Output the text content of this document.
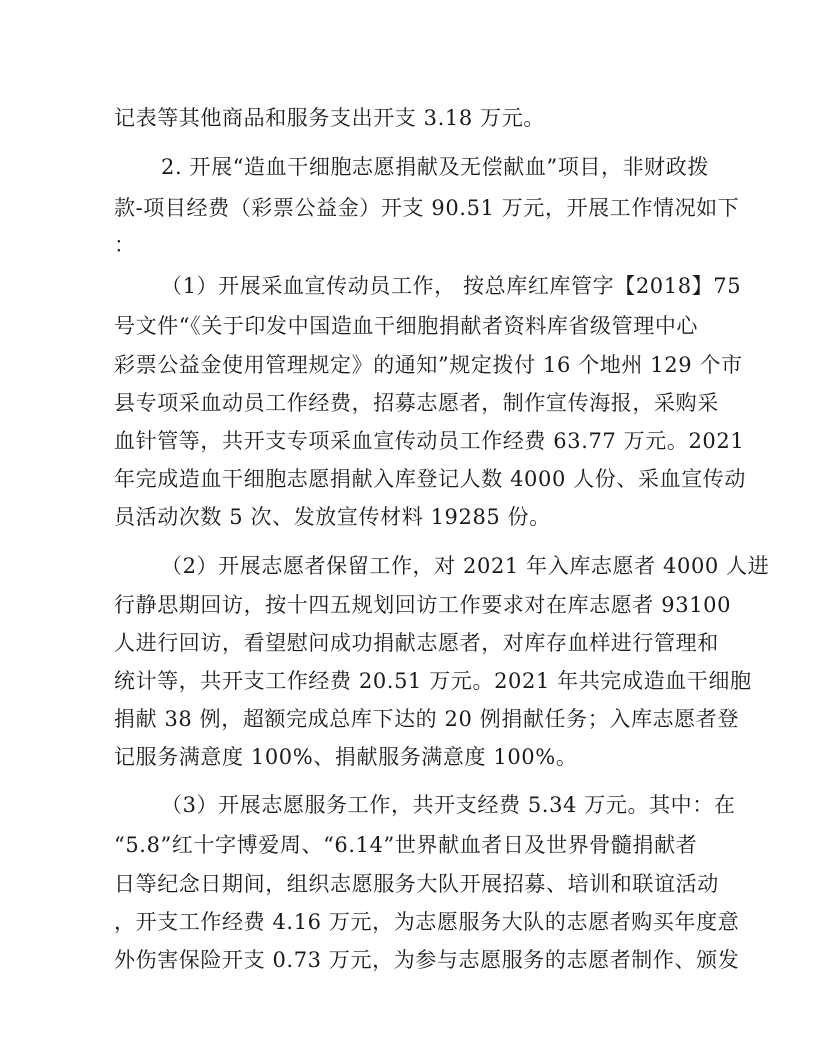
记表等其他商品和服务支出开支 3.18 万元。
2. 开展“造血干细胞志愿捐献及无偿献血”项目，非财政拨
款-项目经费（彩票公益金）开支 90.51 万元，开展工作情况如下
：
（1）开展采血宣传动员工作， 按总库红库管字【2018】75
号文件“《关于印发中国造血干细胞捐献者资料库省级管理中心
彩票公益金使用管理规定》的通知”规定拨付 16 个地州 129 个市
县专项采血动员工作经费，招募志愿者，制作宣传海报，采购采
血针管等，共开支专项采血宣传动员工作经费 63.77 万元。2021
年完成造血干细胞志愿捐献入库登记人数 4000 人份、采血宣传动
员活动次数 5 次、发放宣传材料 19285 份。
（2）开展志愿者保留工作，对 2021 年入库志愿者 4000 人进
行静思期回访，按十四五规划回访工作要求对在库志愿者 93100
人进行回访，看望慰问成功捐献志愿者，对库存血样进行管理和
统计等，共开支工作经费 20.51 万元。2021 年共完成造血干细胞
捐献 38 例，超额完成总库下达的 20 例捐献任务；入库志愿者登
记服务满意度 100%、捐献服务满意度 100%。
（3）开展志愿服务工作，共开支经费 5.34 万元。其中：在
“5.8”红十字博爱周、“6.14”世界献血者日及世界骨髓捐献者
日等纪念日期间，组织志愿服务大队开展招募、培训和联谊活动
，开支工作经费 4.16 万元，为志愿服务大队的志愿者购买年度意
外伤害保险开支 0.73 万元，为参与志愿服务的志愿者制作、颁发
